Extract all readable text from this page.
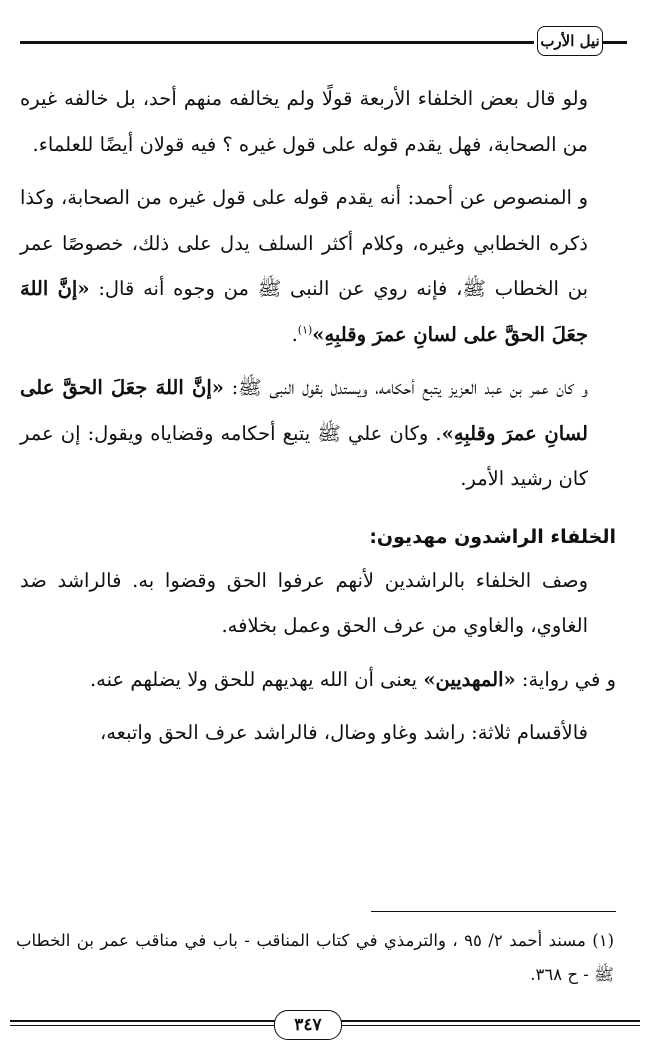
نيل الأرب

ولو قال بعض الخلفاء الأربعة قولًا ولم يخالفه منهم أحد، بل خالفه غيره من الصحابة، فهل يقدم قوله على قول غيره ؟ فيه قولان أيضًا للعلماء.

و المنصوص عن أحمد: أنه يقدم قوله على قول غيره من الصحابة، وكذا ذكره الخطابي وغيره، وكلام أكثر السلف يدل على ذلك، خصوصًا عمر بن الخطاب ﷺ، فإنه روي عن النبى ﷺ من وجوه أنه قال: «إنَّ اللهَ جعَلَ الحقَّ على لسانِ عمرَ وقلبِهِ»$^{(١)}$.

و كان عمر بن عبد العزيز يتبع أحكامه، ويستدل بقول النبى ﷺ: «إنَّ اللهَ جعَلَ الحقَّ على لسانِ عمرَ وقلبِهِ». وكان علي ﷺ يتبع أحكامه وقضاياه ويقول: إن عمر كان رشيد الأمر.

الخلفاء الراشدون مهديون:

وصف الخلفاء بالراشدين لأنهم عرفوا الحق وقضوا به. فالراشد ضد الغاوي، والغاوي من عرف الحق وعمل بخلافه.

و في رواية: «المهديين» يعنى أن الله يهديهم للحق ولا يضلهم عنه.

فالأقسام ثلاثة: راشد وغاو وضال، فالراشد عرف الحق واتبعه،

(١) مسند أحمد ٢/ ٩٥ ، والترمذي في كتاب المناقب - باب في مناقب عمر بن الخطاب ﷺ - ح ٣٦٨.
٣٤٧
